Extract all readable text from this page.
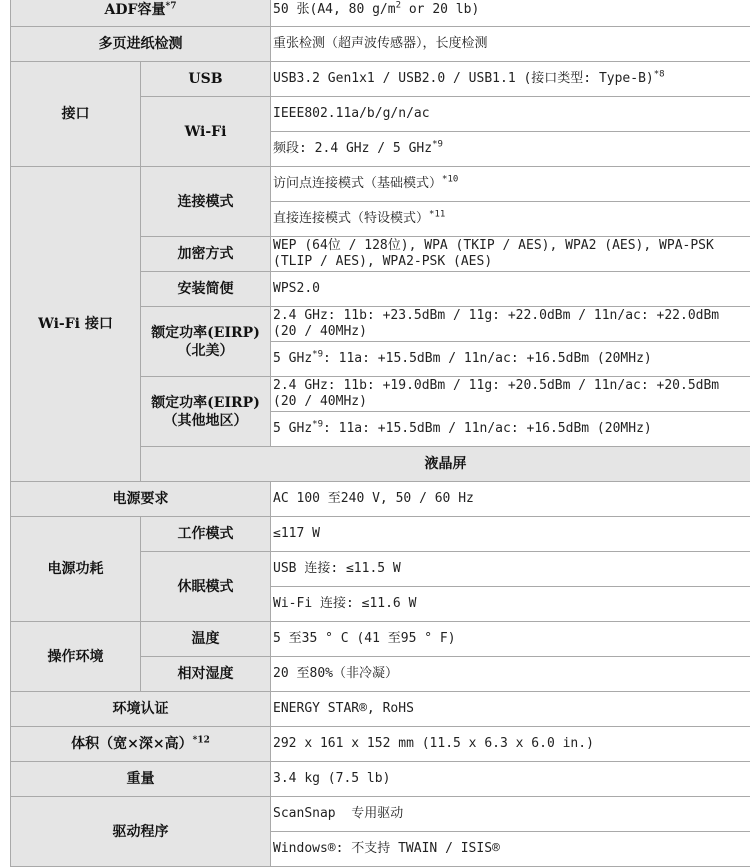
ADF容量$^{*7}$		50 张(A4, 80 $g/m^2$ or 20 lb)	
多页进纸检测		重张检测（超声波传感器），长度检测	
接口	USB	USB3.2 Gen1x1 / USB2.0 / USB1.1 (接口类型: Type-B)$^{*8}$
	Wi-Fi	IEEE802.11a/b/g/n/ac	
		频段: 2.4 GHz / 5 GHz$^{*9}$
Wi-Fi 接口	连接模式	访问点连接模式（基础模式）$^{*10}$
		直接连接模式（特设模式）$^{*11}$
	加密方式	WEP (64位 / 128位), WPA (TKIP / AES), WPA2 (AES), WPA-PSK (TLIP / AES), WPA2-PSK (AES)	
	安装简便	WPS2.0	
	额定功率(EIRP)（北美）	2.4 GHz: 11b: +23.5dBm / 11g: +22.0dBm / 11n/ac: +22.0dBm (20 / 40MHz)	
		5 GHz$^{*9}$: 11a: +15.5dBm / 11n/ac: +16.5dBm (20MHz)	
	额定功率(EIRP)（其他地区）	2.4 GHz: 11b: +19.0dBm / 11g: +20.5dBm / 11n/ac: +20.5dBm (20 / 40MHz)	
		5 GHz$^{*9}$: 11a: +15.5dBm / 11n/ac: +16.5dBm (20MHz)	
	液晶屏	
电源要求		AC 100 至240 V, 50 / 60 Hz	
电源功耗	工作模式	≤117 W	
	休眠模式	USB 连接: ≤11.5 W	
		Wi-Fi 连接: ≤11.6 W	
操作环境	温度	5 至35 ° C (41 至95 ° F)	
	相对湿度	20 至80%（非冷凝）	
环境认证		ENERGY STAR®, RoHS	
体积（宽×深×高）$^{*12}$		292 x 161 x 152 mm (11.5 x 6.3 x 6.0 in.)	
重量		3.4 kg (7.5 lb)	
驱动程序		ScanSnap  专用驱动	
		Windows®: 不支持 TWAIN / ISIS®	
